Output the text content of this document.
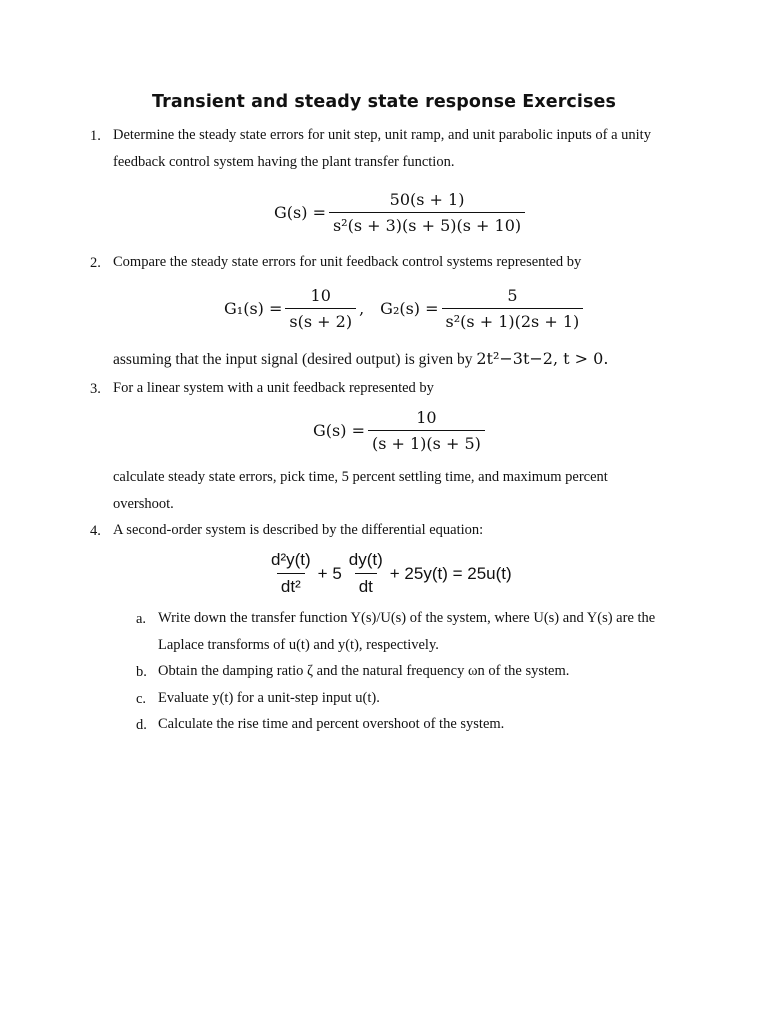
Transient and steady state response Exercises
1. Determine the steady state errors for unit step, unit ramp, and unit parabolic inputs of a unity
feedback control system having the plant transfer function.
$G(s) = \frac{50(s + 1)}{\text{s²(s + 3)(s + 5)(s + 10)}}$
2. Compare the steady state errors for unit feedback control systems represented by
$G_1(s) = \frac{10}{s(s + 2)}$ , $G_2(s) = \frac{5}{\text{s²(s + 1)(2s + 1)}}$
assuming that the input signal (desired output) is given by 2t²−3t−2, t > 0.
3. For a linear system with a unit feedback represented by
$G(s) = \frac{10}{(s + 1)(s + 5)}$
calculate steady state errors, pick time, 5 percent settling time, and maximum percent
overshoot.
4. A second-order system is described by the differential equation:
$\frac{\text{d²y(t)}}{\text{dt²}} + 5 \frac{dy(t)}{dt} + 25y(t) = 25u(t)$
a. Write down the transfer function Y(s)/U(s) of the system, where U(s) and Y(s) are the
Laplace transforms of u(t) and y(t), respectively.
b. Obtain the damping ratio ζ and the natural frequency ωn of the system.
c. Evaluate y(t) for a unit-step input u(t).
d. Calculate the rise time and percent overshoot of the system.
